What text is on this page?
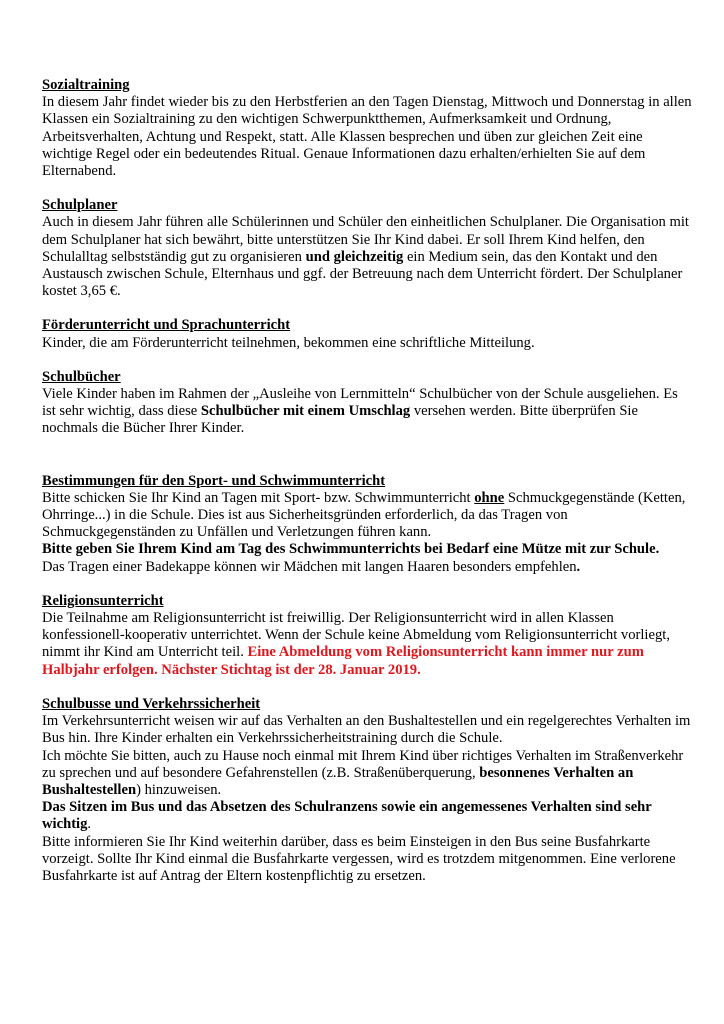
Sozialtraining

In diesem Jahr findet wieder bis zu den Herbstferien an den Tagen Dienstag, Mittwoch und Donnerstag in allen Klassen ein Sozialtraining zu den wichtigen Schwerpunktthemen, Aufmerksamkeit und Ordnung, Arbeitsverhalten, Achtung und Respekt, statt. Alle Klassen besprechen und üben zur gleichen Zeit eine wichtige Regel oder ein bedeutendes Ritual. Genaue Informationen dazu erhalten/erhielten Sie auf dem Elternabend.

Schulplaner

Auch in diesem Jahr führen alle Schülerinnen und Schüler den einheitlichen Schulplaner. Die Organisation mit dem Schulplaner hat sich bewährt, bitte unterstützen Sie Ihr Kind dabei. Er soll Ihrem Kind helfen, den Schulalltag selbstständig gut zu organisieren und gleichzeitig ein Medium sein, das den Kontakt und den Austausch zwischen Schule, Elternhaus und ggf. der Betreuung nach dem Unterricht fördert. Der Schulplaner kostet 3,65 €.

Förderunterricht und Sprachunterricht

Kinder, die am Förderunterricht teilnehmen, bekommen eine schriftliche Mitteilung.

Schulbücher

Viele Kinder haben im Rahmen der „Ausleihe von Lernmitteln“ Schulbücher von der Schule ausgeliehen. Es ist sehr wichtig, dass diese Schulbücher mit einem Umschlag versehen werden. Bitte überprüfen Sie nochmals die Bücher Ihrer Kinder.

Bestimmungen für den Sport- und Schwimmunterricht

Bitte schicken Sie Ihr Kind an Tagen mit Sport- bzw. Schwimmunterricht ohne Schmuckgegenstände (Ketten, Ohrringe...) in die Schule. Dies ist aus Sicherheitsgründen erforderlich, da das Tragen von Schmuckgegenständen zu Unfällen und Verletzungen führen kann.

Bitte geben Sie Ihrem Kind am Tag des Schwimmunterrichts bei Bedarf eine Mütze mit zur Schule.

Das Tragen einer Badekappe können wir Mädchen mit langen Haaren besonders empfehlen.

Religionsunterricht

Die Teilnahme am Religionsunterricht ist freiwillig. Der Religionsunterricht wird in allen Klassen konfessionell-kooperativ unterrichtet. Wenn der Schule keine Abmeldung vom Religionsunterricht vorliegt, nimmt ihr Kind am Unterricht teil. Eine Abmeldung vom Religionsunterricht kann immer nur zum Halbjahr erfolgen. Nächster Stichtag ist der 28. Januar 2019.

Schulbusse und Verkehrssicherheit

Im Verkehrsunterricht weisen wir auf das Verhalten an den Bushaltestellen und ein regelgerechtes Verhalten im Bus hin. Ihre Kinder erhalten ein Verkehrssicherheitstraining durch die Schule.

Ich möchte Sie bitten, auch zu Hause noch einmal mit Ihrem Kind über richtiges Verhalten im Straßenverkehr zu sprechen und auf besondere Gefahrenstellen (z.B. Straßenüberquerung, besonnenes Verhalten an Bushaltestellen) hinzuweisen.

Das Sitzen im Bus und das Absetzen des Schulranzens sowie ein angemessenes Verhalten sind sehr wichtig.

Bitte informieren Sie Ihr Kind weiterhin darüber, dass es beim Einsteigen in den Bus seine Busfahrkarte vorzeigt. Sollte Ihr Kind einmal die Busfahrkarte vergessen, wird es trotzdem mitgenommen. Eine verlorene Busfahrkarte ist auf Antrag der Eltern kostenpflichtig zu ersetzen.
